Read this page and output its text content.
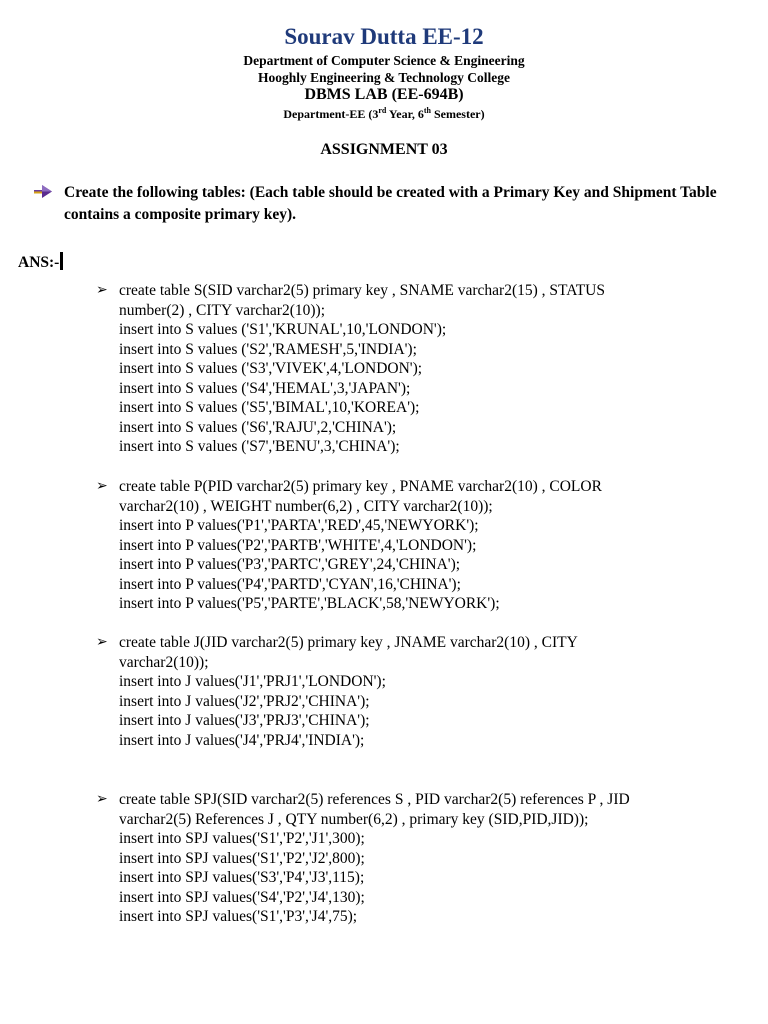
Sourav Dutta EE-12
Department of Computer Science & Engineering
Hooghly Engineering & Technology College
DBMS LAB (EE-694B)
Department-EE (3rd Year, 6th Semester)
ASSIGNMENT 03
Create the following tables: (Each table should be created with a Primary Key and Shipment Table contains a composite primary key).
ANS:-
➢ create table S(SID varchar2(5) primary key , SNAME varchar2(15) , STATUS
number(2) , CITY varchar2(10));
insert into S values ('S1','KRUNAL',10,'LONDON');
insert into S values ('S2','RAMESH',5,'INDIA');
insert into S values ('S3','VIVEK',4,'LONDON');
insert into S values ('S4','HEMAL',3,'JAPAN');
insert into S values ('S5','BIMAL',10,'KOREA');
insert into S values ('S6','RAJU',2,'CHINA');
insert into S values ('S7','BENU',3,'CHINA');
➢ create table P(PID varchar2(5) primary key , PNAME varchar2(10) , COLOR
varchar2(10) , WEIGHT number(6,2) , CITY varchar2(10));
insert into P values('P1','PARTA','RED',45,'NEWYORK');
insert into P values('P2','PARTB','WHITE',4,'LONDON');
insert into P values('P3','PARTC','GREY',24,'CHINA');
insert into P values('P4','PARTD','CYAN',16,'CHINA');
insert into P values('P5','PARTE','BLACK',58,'NEWYORK');
➢ create table J(JID varchar2(5) primary key , JNAME varchar2(10) , CITY
varchar2(10));
insert into J values('J1','PRJ1','LONDON');
insert into J values('J2','PRJ2','CHINA');
insert into J values('J3','PRJ3','CHINA');
insert into J values('J4','PRJ4','INDIA');
➢ create table SPJ(SID varchar2(5) references S , PID varchar2(5) references P , JID
varchar2(5) References J , QTY number(6,2) , primary key (SID,PID,JID));
insert into SPJ values('S1','P2','J1',300);
insert into SPJ values('S1','P2','J2',800);
insert into SPJ values('S3','P4','J3',115);
insert into SPJ values('S4','P2','J4',130);
insert into SPJ values('S1','P3','J4',75);
